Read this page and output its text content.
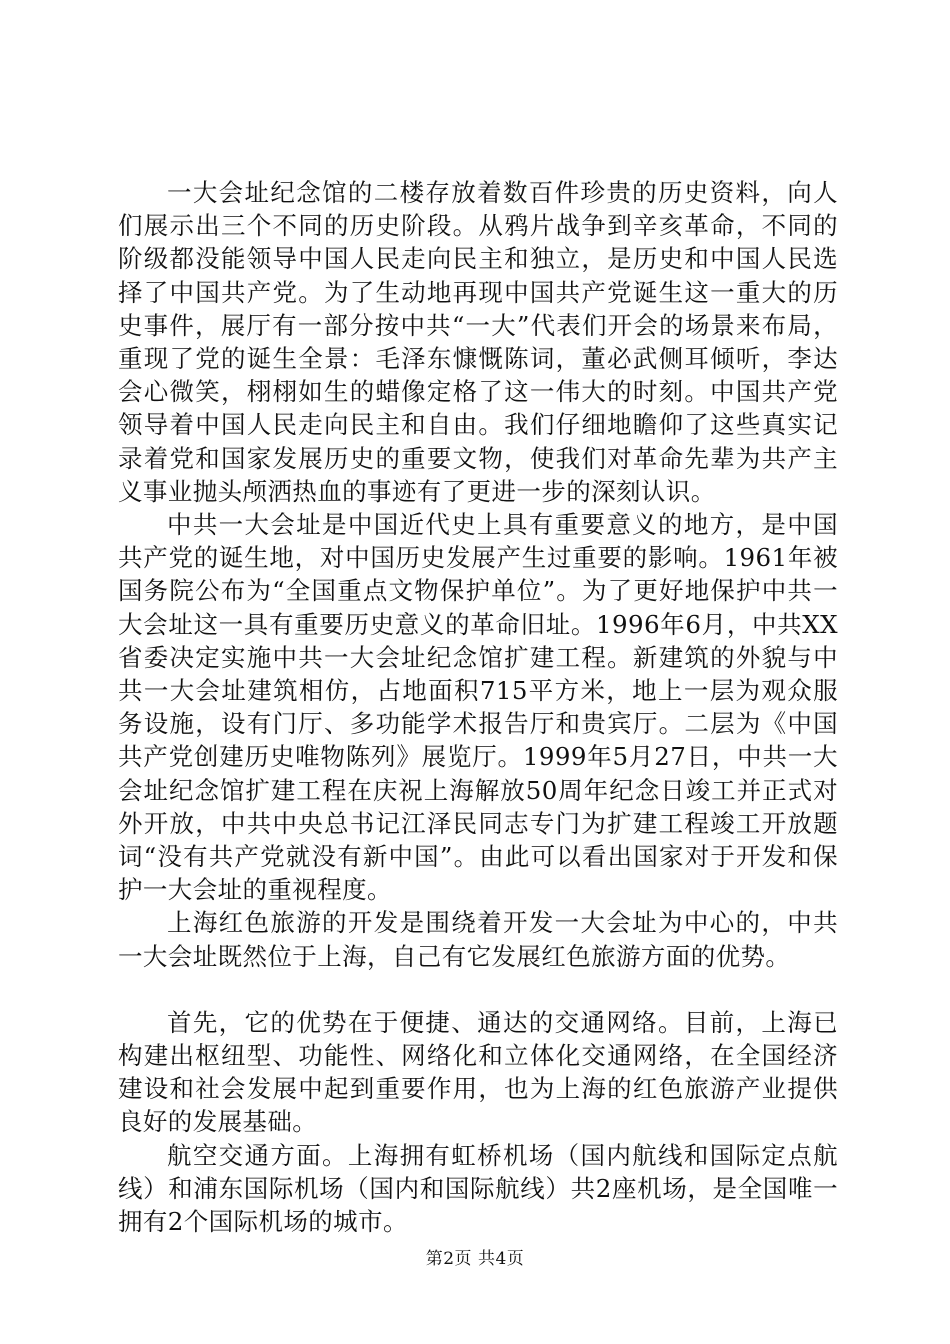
一大会址纪念馆的二楼存放着数百件珍贵的历史资料，向人们展示出三个不同的历史阶段。从鸦片战争到辛亥革命，不同的阶级都没能领导中国人民走向民主和独立，是历史和中国人民选择了中国共产党。为了生动地再现中国共产党诞生这一重大的历史事件，展厅有一部分按中共“一大”代表们开会的场景来布局，重现了党的诞生全景：毛泽东慷慨陈词，董必武侧耳倾听，李达会心微笑，栩栩如生的蜡像定格了这一伟大的时刻。中国共产党领导着中国人民走向民主和自由。我们仔细地瞻仰了这些真实记录着党和国家发展历史的重要文物，使我们对革命先辈为共产主义事业抛头颅洒热血的事迹有了更进一步的深刻认识。

中共一大会址是中国近代史上具有重要意义的地方，是中国共产党的诞生地，对中国历史发展产生过重要的影响。1961年被国务院公布为“全国重点文物保护单位”。为了更好地保护中共一大会址这一具有重要历史意义的革命旧址。1996年6月，中共XX省委决定实施中共一大会址纪念馆扩建工程。新建筑的外貌与中共一大会址建筑相仿，占地面积715平方米，地上一层为观众服务设施，设有门厅、多功能学术报告厅和贵宾厅。二层为《中国共产党创建历史唯物陈列》展览厅。1999年5月27日，中共一大会址纪念馆扩建工程在庆祝上海解放50周年纪念日竣工并正式对外开放，中共中央总书记江泽民同志专门为扩建工程竣工开放题词“没有共产党就没有新中国”。由此可以看出国家对于开发和保护一大会址的重视程度。

上海红色旅游的开发是围绕着开发一大会址为中心的，中共一大会址既然位于上海，自己有它发展红色旅游方面的优势。

首先，它的优势在于便捷、通达的交通网络。目前，上海已构建出枢纽型、功能性、网络化和立体化交通网络，在全国经济建设和社会发展中起到重要作用，也为上海的红色旅游产业提供良好的发展基础。

航空交通方面。上海拥有虹桥机场（国内航线和国际定点航线）和浦东国际机场（国内和国际航线）共2座机场，是全国唯一拥有2个国际机场的城市。

第2页 共4页
